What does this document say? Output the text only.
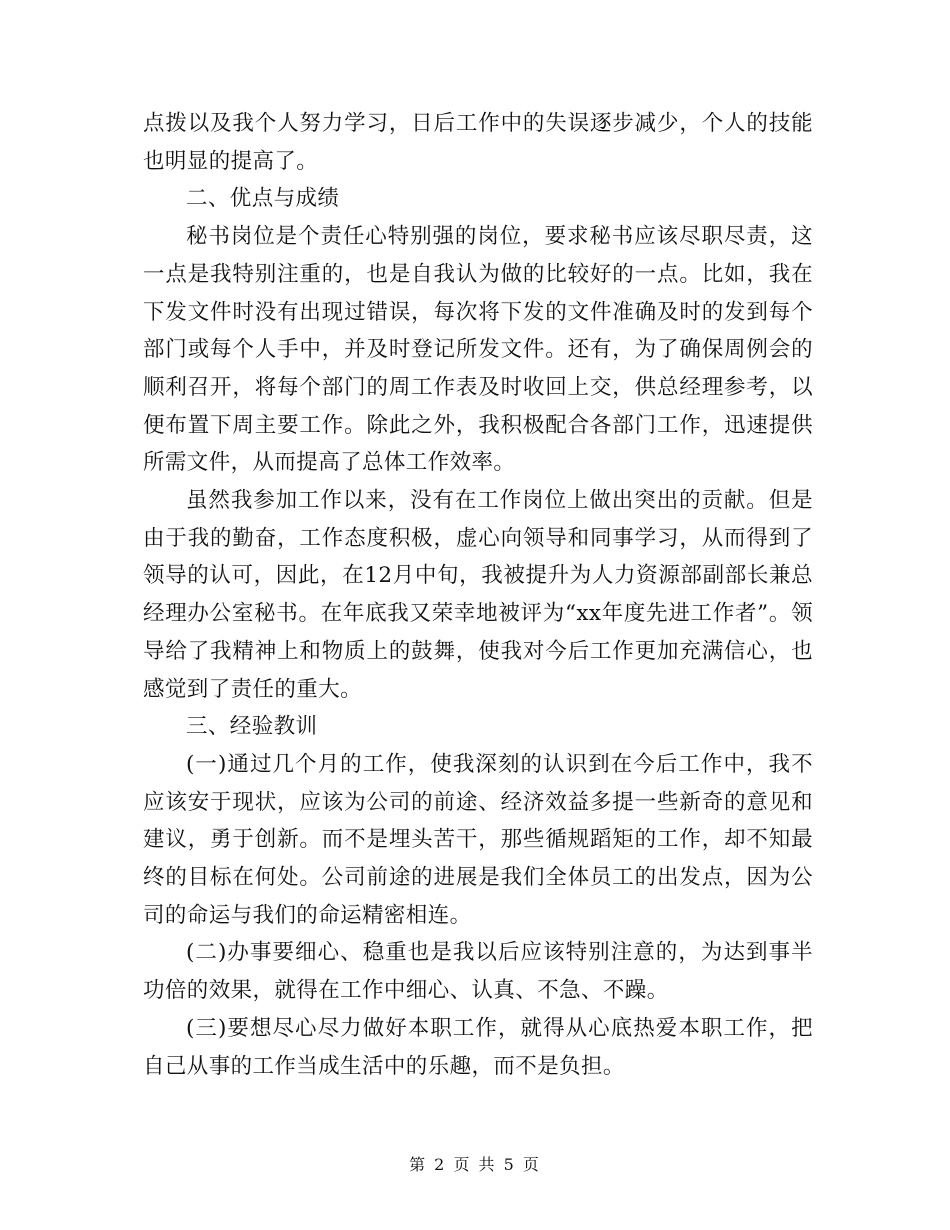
点拨以及我个人努力学习，日后工作中的失误逐步减少，个人的技能也明显的提高了。

二、优点与成绩

秘书岗位是个责任心特别强的岗位，要求秘书应该尽职尽责，这一点是我特别注重的，也是自我认为做的比较好的一点。比如，我在下发文件时没有出现过错误，每次将下发的文件准确及时的发到每个部门或每个人手中，并及时登记所发文件。还有，为了确保周例会的顺利召开，将每个部门的周工作表及时收回上交，供总经理参考，以便布置下周主要工作。除此之外，我积极配合各部门工作，迅速提供所需文件，从而提高了总体工作效率。

虽然我参加工作以来，没有在工作岗位上做出突出的贡献。但是由于我的勤奋，工作态度积极，虚心向领导和同事学习，从而得到了领导的认可，因此，在12月中旬，我被提升为人力资源部副部长兼总经理办公室秘书。在年底我又荣幸地被评为“xx年度先进工作者”。领导给了我精神上和物质上的鼓舞，使我对今后工作更加充满信心，也感觉到了责任的重大。

三、经验教训

(一)通过几个月的工作，使我深刻的认识到在今后工作中，我不应该安于现状，应该为公司的前途、经济效益多提一些新奇的意见和建议，勇于创新。而不是埋头苦干，那些循规蹈矩的工作，却不知最终的目标在何处。公司前途的进展是我们全体员工的出发点，因为公司的命运与我们的命运精密相连。

(二)办事要细心、稳重也是我以后应该特别注意的，为达到事半功倍的效果，就得在工作中细心、认真、不急、不躁。

(三)要想尽心尽力做好本职工作，就得从心底热爱本职工作，把自己从事的工作当成生活中的乐趣，而不是负担。

第 2 页 共 5 页
